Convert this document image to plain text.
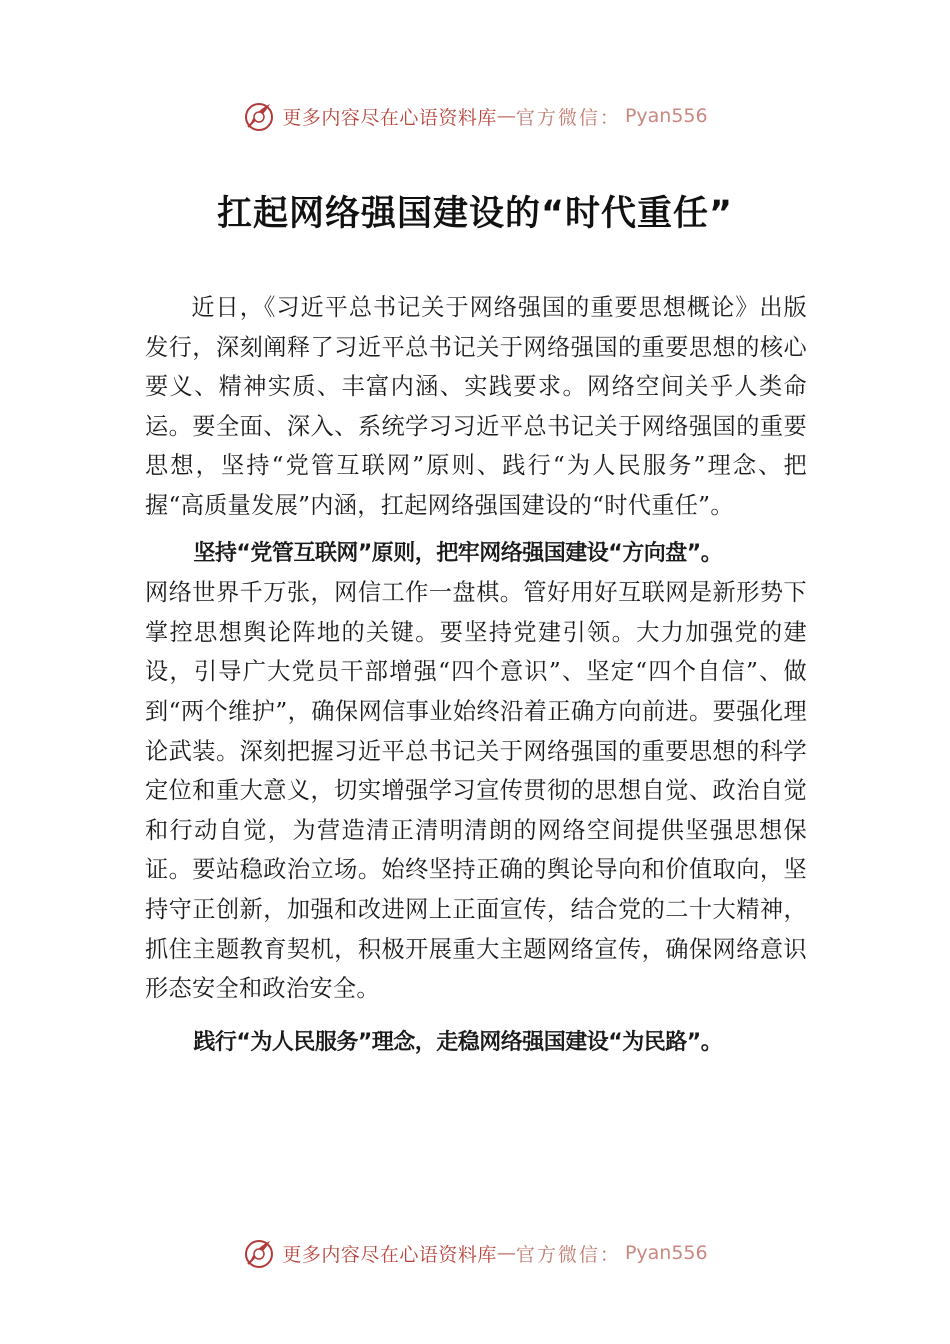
更多内容尽在心语资料库 — 官方微信： Pyan556
扛起网络强国建设的“时代重任”

近日，《习近平总书记关于网络强国的重要思想概论》出版发行，深刻阐释了习近平总书记关于网络强国的重要思想的核心要义、精神实质、丰富内涵、实践要求。网络空间关乎人类命运。要全面、深入、系统学习习近平总书记关于网络强国的重要思想，坚持“党管互联网”原则、践行“为人民服务”理念、把握“高质量发展”内涵，扛起网络强国建设的“时代重任”。

坚持“党管互联网”原则，把牢网络强国建设“方向盘”。

网络世界千万张，网信工作一盘棋。管好用好互联网是新形势下掌控思想舆论阵地的关键。要坚持党建引领。大力加强党的建设，引导广大党员干部增强“四个意识”、坚定“四个自信”、做到“两个维护”，确保网信事业始终沿着正确方向前进。要强化理论武装。深刻把握习近平总书记关于网络强国的重要思想的科学定位和重大意义，切实增强学习宣传贯彻的思想自觉、政治自觉和行动自觉，为营造清正清明清朗的网络空间提供坚强思想保证。要站稳政治立场。始终坚持正确的舆论导向和价值取向，坚持守正创新，加强和改进网上正面宣传，结合党的二十大精神，抓住主题教育契机，积极开展重大主题网络宣传，确保网络意识形态安全和政治安全。

践行“为人民服务”理念，走稳网络强国建设“为民路”。

更多内容尽在心语资料库 — 官方微信： Pyan556
